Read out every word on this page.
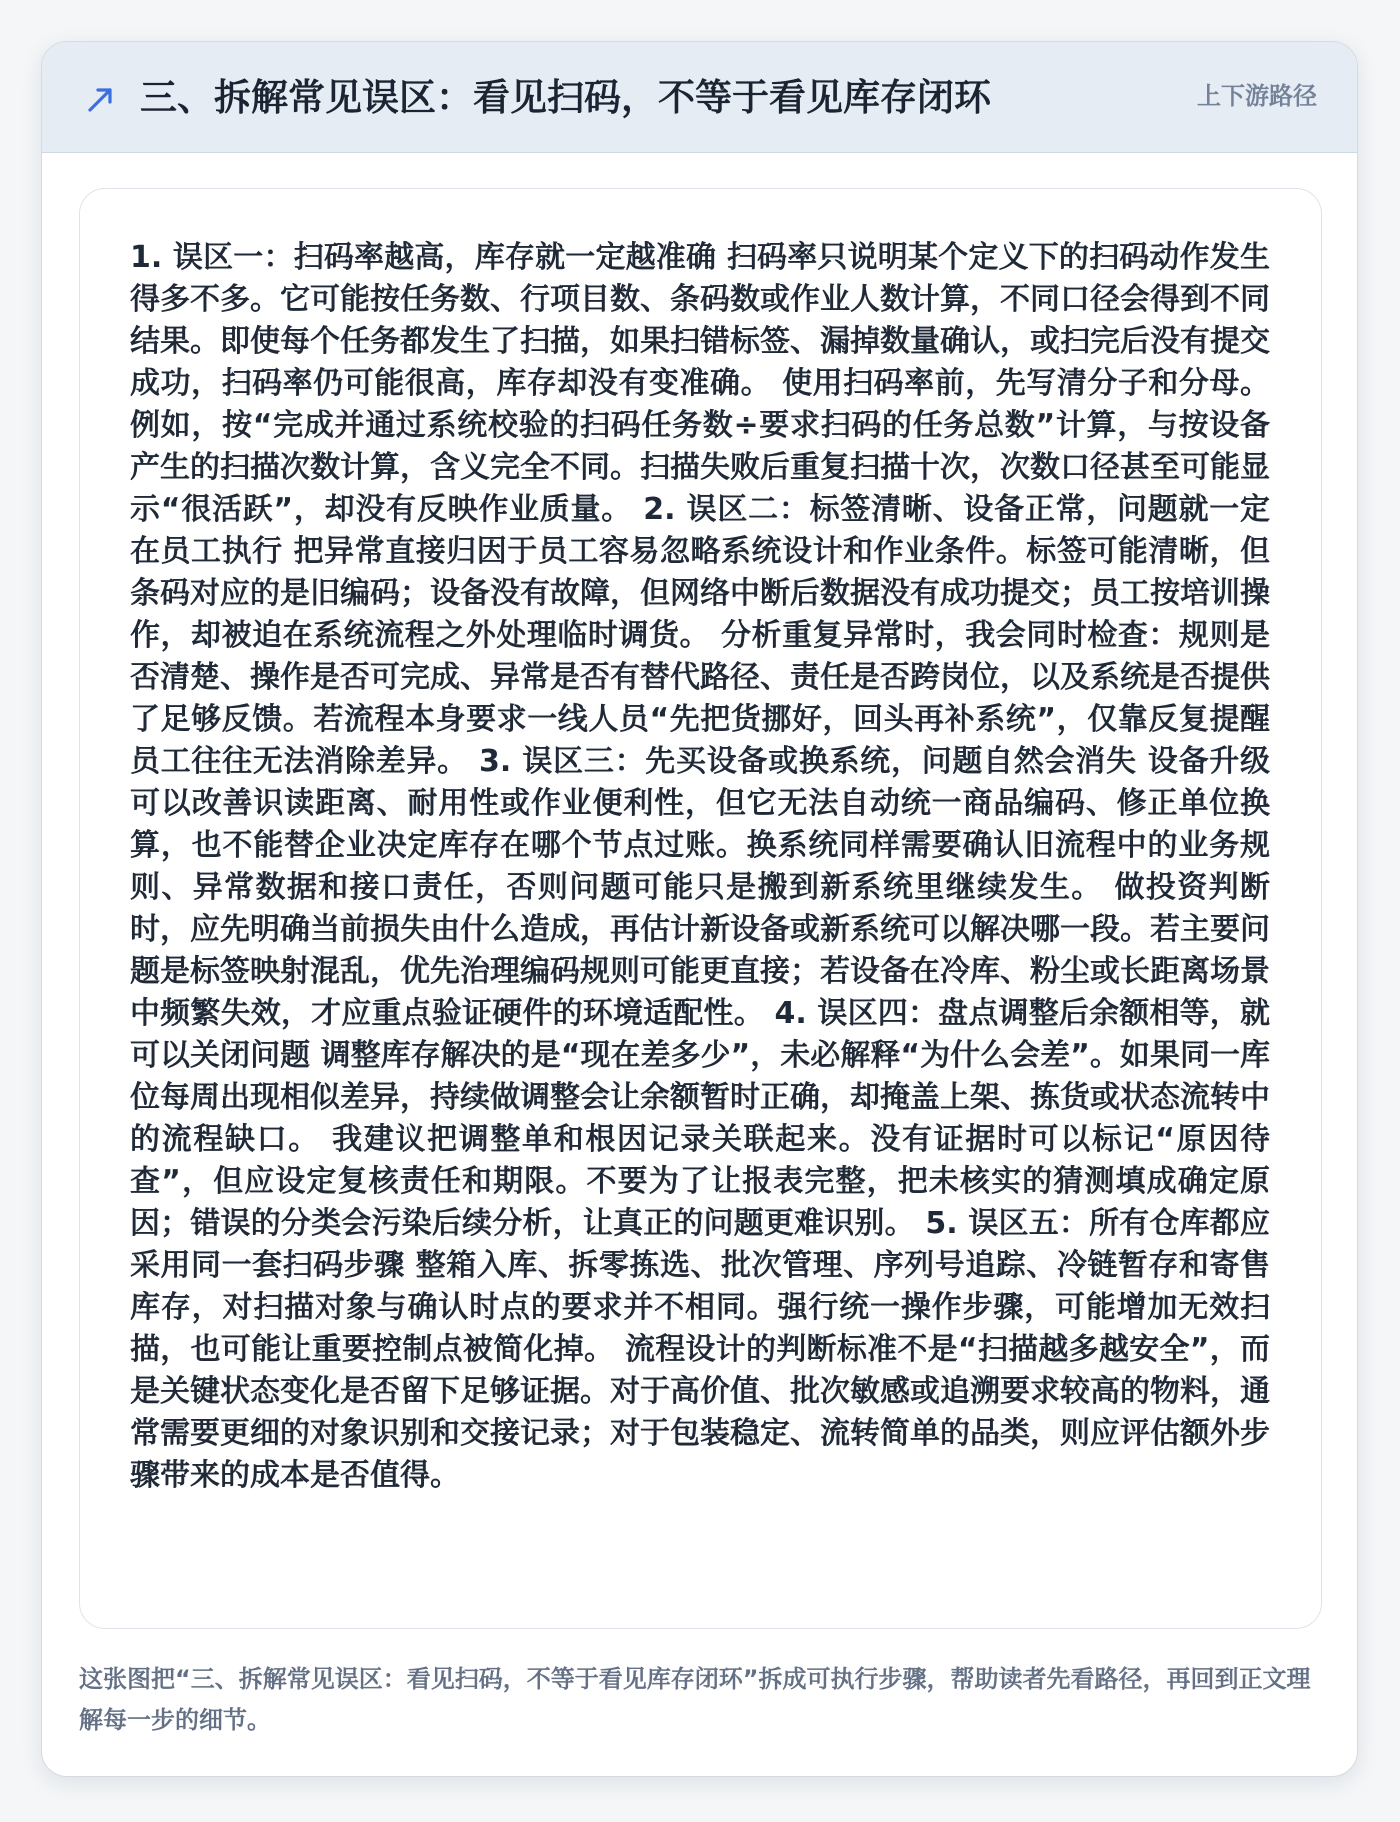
三、拆解常见误区：看见扫码，不等于看见库存闭环	上下游路径

1. 误区一：扫码率越高，库存就一定越准确 扫码率只说明某个定义下的扫码动作发生得多不多。它可能按任务数、行项目数、条码数或作业人数计算，不同口径会得到不同结果。即使每个任务都发生了扫描，如果扫错标签、漏掉数量确认，或扫完后没有提交成功，扫码率仍可能很高，库存却没有变准确。 使用扫码率前，先写清分子和分母。例如，按“完成并通过系统校验的扫码任务数÷要求扫码的任务总数”计算，与按设备产生的扫描次数计算，含义完全不同。扫描失败后重复扫描十次，次数口径甚至可能显示“很活跃”，却没有反映作业质量。 2. 误区二：标签清晰、设备正常，问题就一定在员工执行 把异常直接归因于员工容易忽略系统设计和作业条件。标签可能清晰，但条码对应的是旧编码；设备没有故障，但网络中断后数据没有成功提交；员工按培训操作，却被迫在系统流程之外处理临时调货。 分析重复异常时，我会同时检查：规则是否清楚、操作是否可完成、异常是否有替代路径、责任是否跨岗位，以及系统是否提供了足够反馈。若流程本身要求一线人员“先把货挪好，回头再补系统”，仅靠反复提醒员工往往无法消除差异。 3. 误区三：先买设备或换系统，问题自然会消失 设备升级可以改善识读距离、耐用性或作业便利性，但它无法自动统一商品编码、修正单位换算，也不能替企业决定库存在哪个节点过账。换系统同样需要确认旧流程中的业务规则、异常数据和接口责任，否则问题可能只是搬到新系统里继续发生。 做投资判断时，应先明确当前损失由什么造成，再估计新设备或新系统可以解决哪一段。若主要问题是标签映射混乱，优先治理编码规则可能更直接；若设备在冷库、粉尘或长距离场景中频繁失效，才应重点验证硬件的环境适配性。 4. 误区四：盘点调整后余额相等，就可以关闭问题 调整库存解决的是“现在差多少”，未必解释“为什么会差”。如果同一库位每周出现相似差异，持续做调整会让余额暂时正确，却掩盖上架、拣货或状态流转中的流程缺口。 我建议把调整单和根因记录关联起来。没有证据时可以标记“原因待查”，但应设定复核责任和期限。不要为了让报表完整，把未核实的猜测填成确定原因；错误的分类会污染后续分析，让真正的问题更难识别。 5. 误区五：所有仓库都应采用同一套扫码步骤 整箱入库、拆零拣选、批次管理、序列号追踪、冷链暂存和寄售库存，对扫描对象与确认时点的要求并不相同。强行统一操作步骤，可能增加无效扫描，也可能让重要控制点被简化掉。 流程设计的判断标准不是“扫描越多越安全”，而是关键状态变化是否留下足够证据。对于高价值、批次敏感或追溯要求较高的物料，通常需要更细的对象识别和交接记录；对于包装稳定、流转简单的品类，则应评估额外步骤带来的成本是否值得。

这张图把“三、拆解常见误区：看见扫码，不等于看见库存闭环”拆成可执行步骤，帮助读者先看路径，再回到正文理解每一步的细节。
